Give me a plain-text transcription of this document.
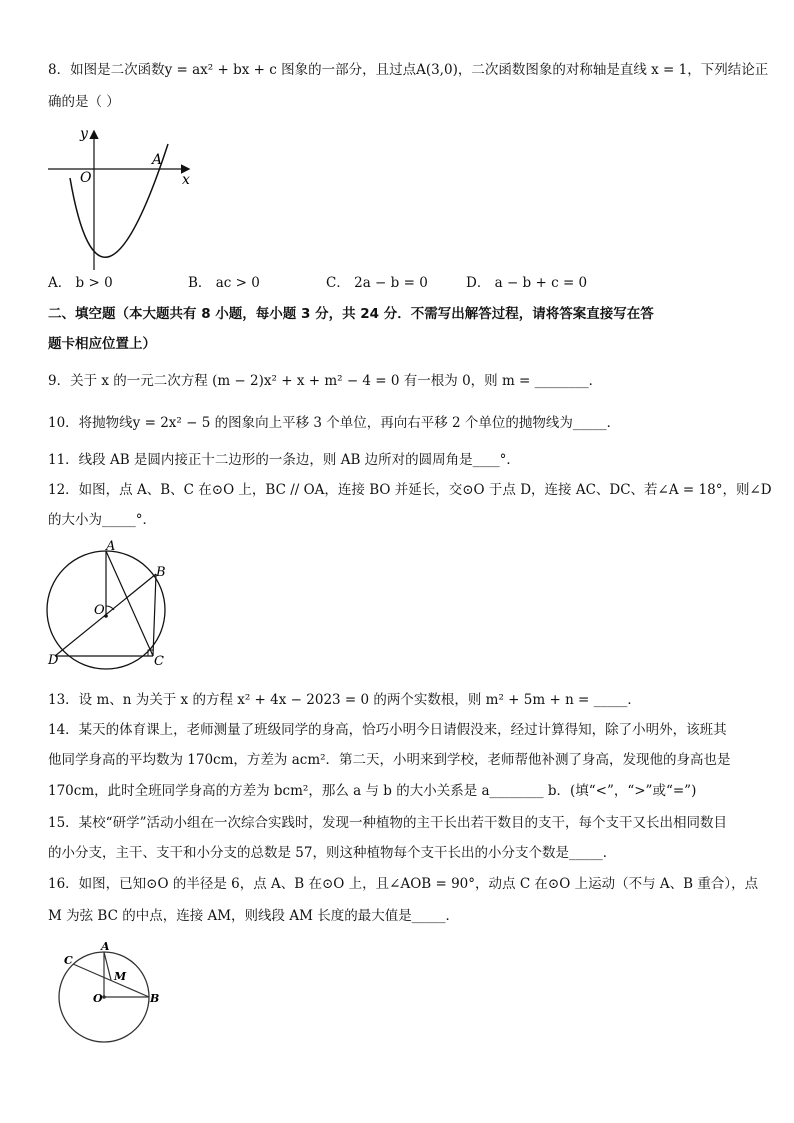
8．如图是二次函数y = ax² + bx + c 图象的一部分，且过点A(3,0)，二次函数图象的对称轴是直线 x = 1，下列结论正
确的是（ ）
y
x
O
A
A． b > 0	B． ac > 0	C． 2a − b = 0	D． a − b + c = 0
二、填空题（本大题共有 8 小题，每小题 3 分，共 24 分．不需写出解答过程，请将答案直接写在答
题卡相应位置上）
9．关于 x 的一元二次方程 (m − 2)x² + x + m² − 4 = 0 有一根为 0，则 m = ________．
10．将抛物线y = 2x² − 5 的图象向上平移 3 个单位，再向右平移 2 个单位的抛物线为_____．
11．线段 AB 是圆内接正十二边形的一条边，则 AB 边所对的圆周角是____°．
12．如图，点 A、B、C 在⊙O 上，BC // OA，连接 BO 并延长，交⊙O 于点 D，连接 AC、DC、若∠A = 18°，则∠D
的大小为_____°．
A
B
O
D	C
13．设 m、n 为关于 x 的方程 x² + 4x − 2023 = 0 的两个实数根，则 m² + 5m + n = _____．
14．某天的体育课上，老师测量了班级同学的身高，恰巧小明今日请假没来，经过计算得知，除了小明外，该班其
他同学身高的平均数为 170cm，方差为 acm²．第二天，小明来到学校，老师帮他补测了身高，发现他的身高也是
170cm，此时全班同学身高的方差为 bcm²，那么 a 与 b 的大小关系是 a________ b．(填“<”，“>”或“=”)
15．某校“研学”活动小组在一次综合实践时，发现一种植物的主干长出若干数目的支干，每个支干又长出相同数目
的小分支，主干、支干和小分支的总数是 57，则这种植物每个支干长出的小分支个数是_____．
16．如图，已知⊙O 的半径是 6，点 A、B 在⊙O 上，且∠AOB = 90°，动点 C 在⊙O 上运动（不与 A、B 重合），点
M 为弦 BC 的中点，连接 AM，则线段 AM 长度的最大值是_____．
A
C
M
O	B
